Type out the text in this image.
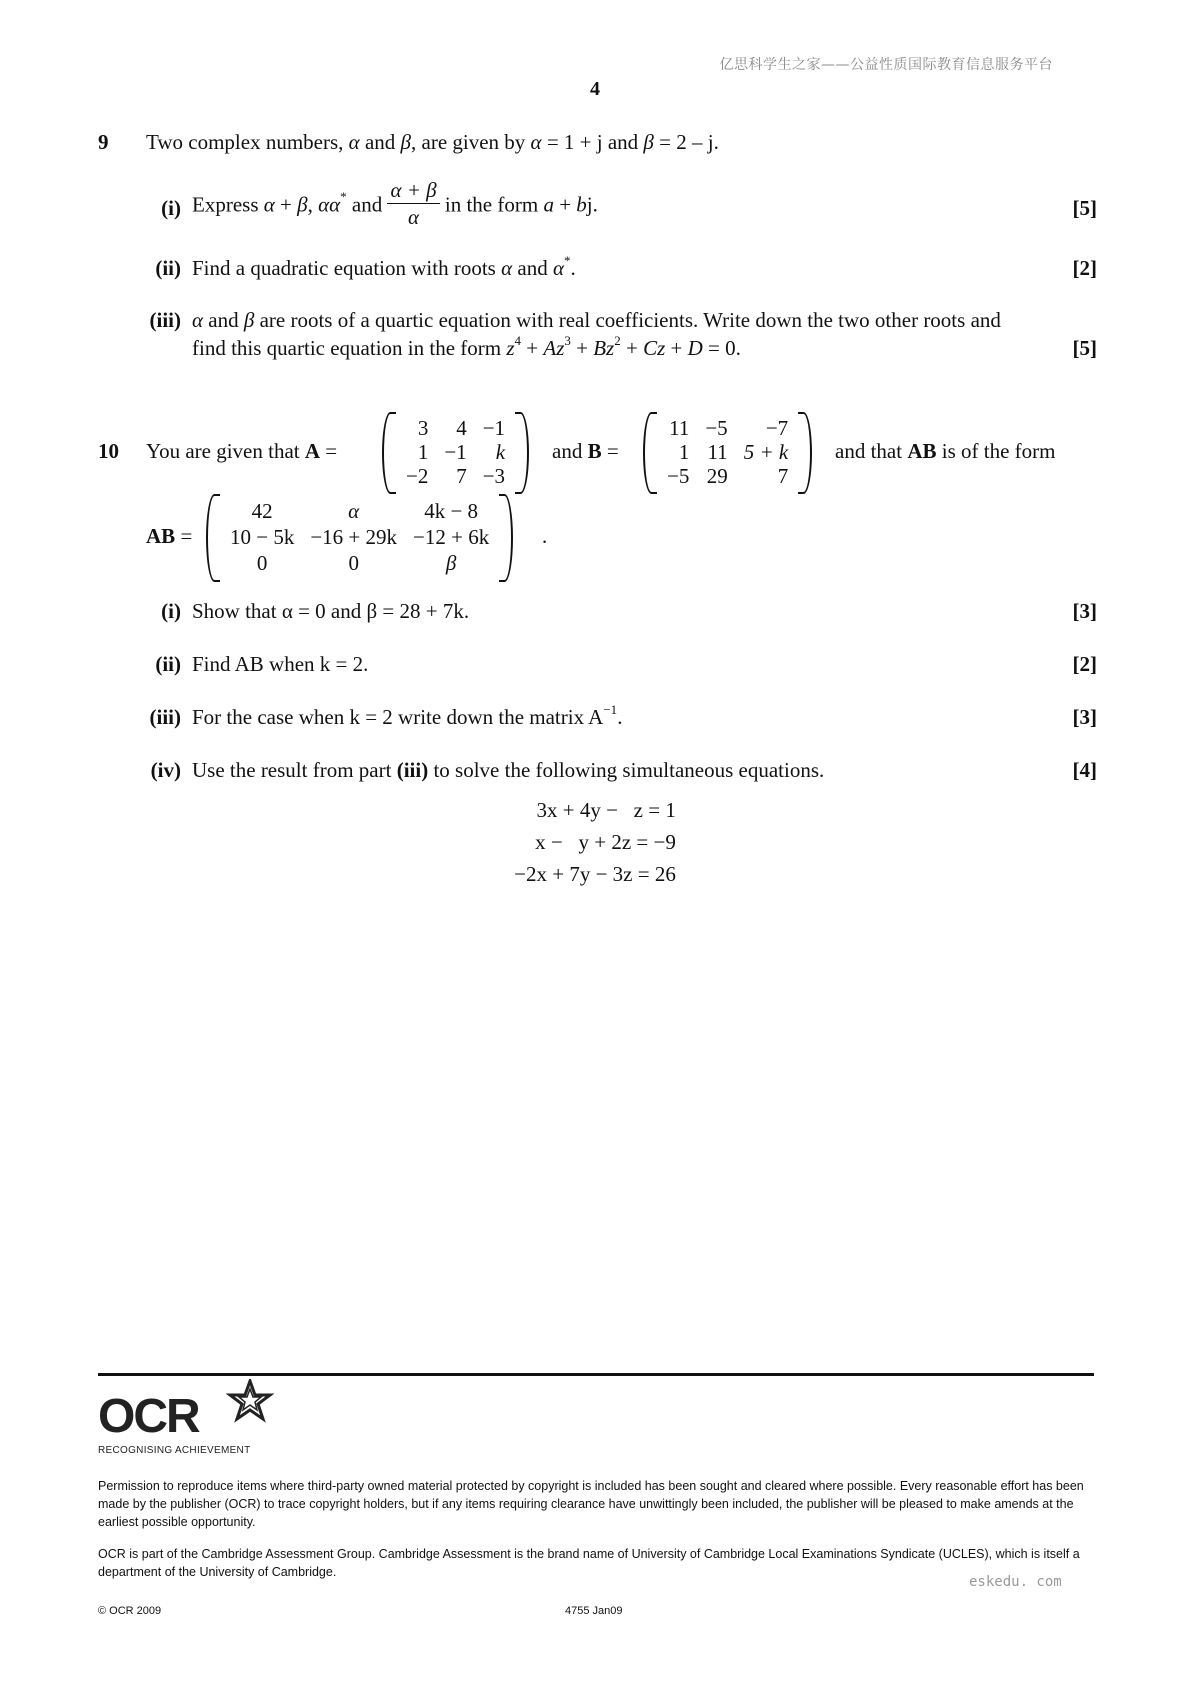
亿思科学生之家——公益性质国际教育信息服务平台
4
9 Two complex numbers, α and β, are given by α = 1 + j and β = 2 – j.
(i) Express α + β, αα* and $\frac{\alpha + \beta}{\alpha}$ in the form a + bj.	[5]
(ii) Find a quadratic equation with roots α and α*.	[2]
(iii) α and β are roots of a quartic equation with real coefficients. Write down the two other roots and
find this quartic equation in the form $z^4 + Az^3 + Bz^2 + Cz + D = 0$.	[5]
10 You are given that A =
3	4	−1
1	−1	k
−2	7	−3
and B =
11	−5	−7
1	11	5 + k
−5	29	7
and that AB is of the form
AB =
42	α	4k − 8
10 − 5k	−16 + 29k	−12 + 6k
0	0	β
.
(i) Show that α = 0 and β = 28 + 7k.	[3]
(ii) Find AB when k = 2.	[2]
(iii) For the case when k = 2 write down the matrix $A^{-1}$.	[3]
(iv) Use the result from part (iii) to solve the following simultaneous equations.	[4]
3x + 4y −   z = 1
x −   y + 2z = −9
−2x + 7y − 3z = 26
OCR
RECOGNISING ACHIEVEMENT
Permission to reproduce items where third-party owned material protected by copyright is included has been sought and cleared where possible. Every reasonable effort has been made by the publisher (OCR) to trace copyright holders, but if any items requiring clearance have unwittingly been included, the publisher will be pleased to make amends at the earliest possible opportunity.
OCR is part of the Cambridge Assessment Group. Cambridge Assessment is the brand name of University of Cambridge Local Examinations Syndicate (UCLES), which is itself a department of the University of Cambridge.
eskedu. com
© OCR 2009	4755 Jan09
